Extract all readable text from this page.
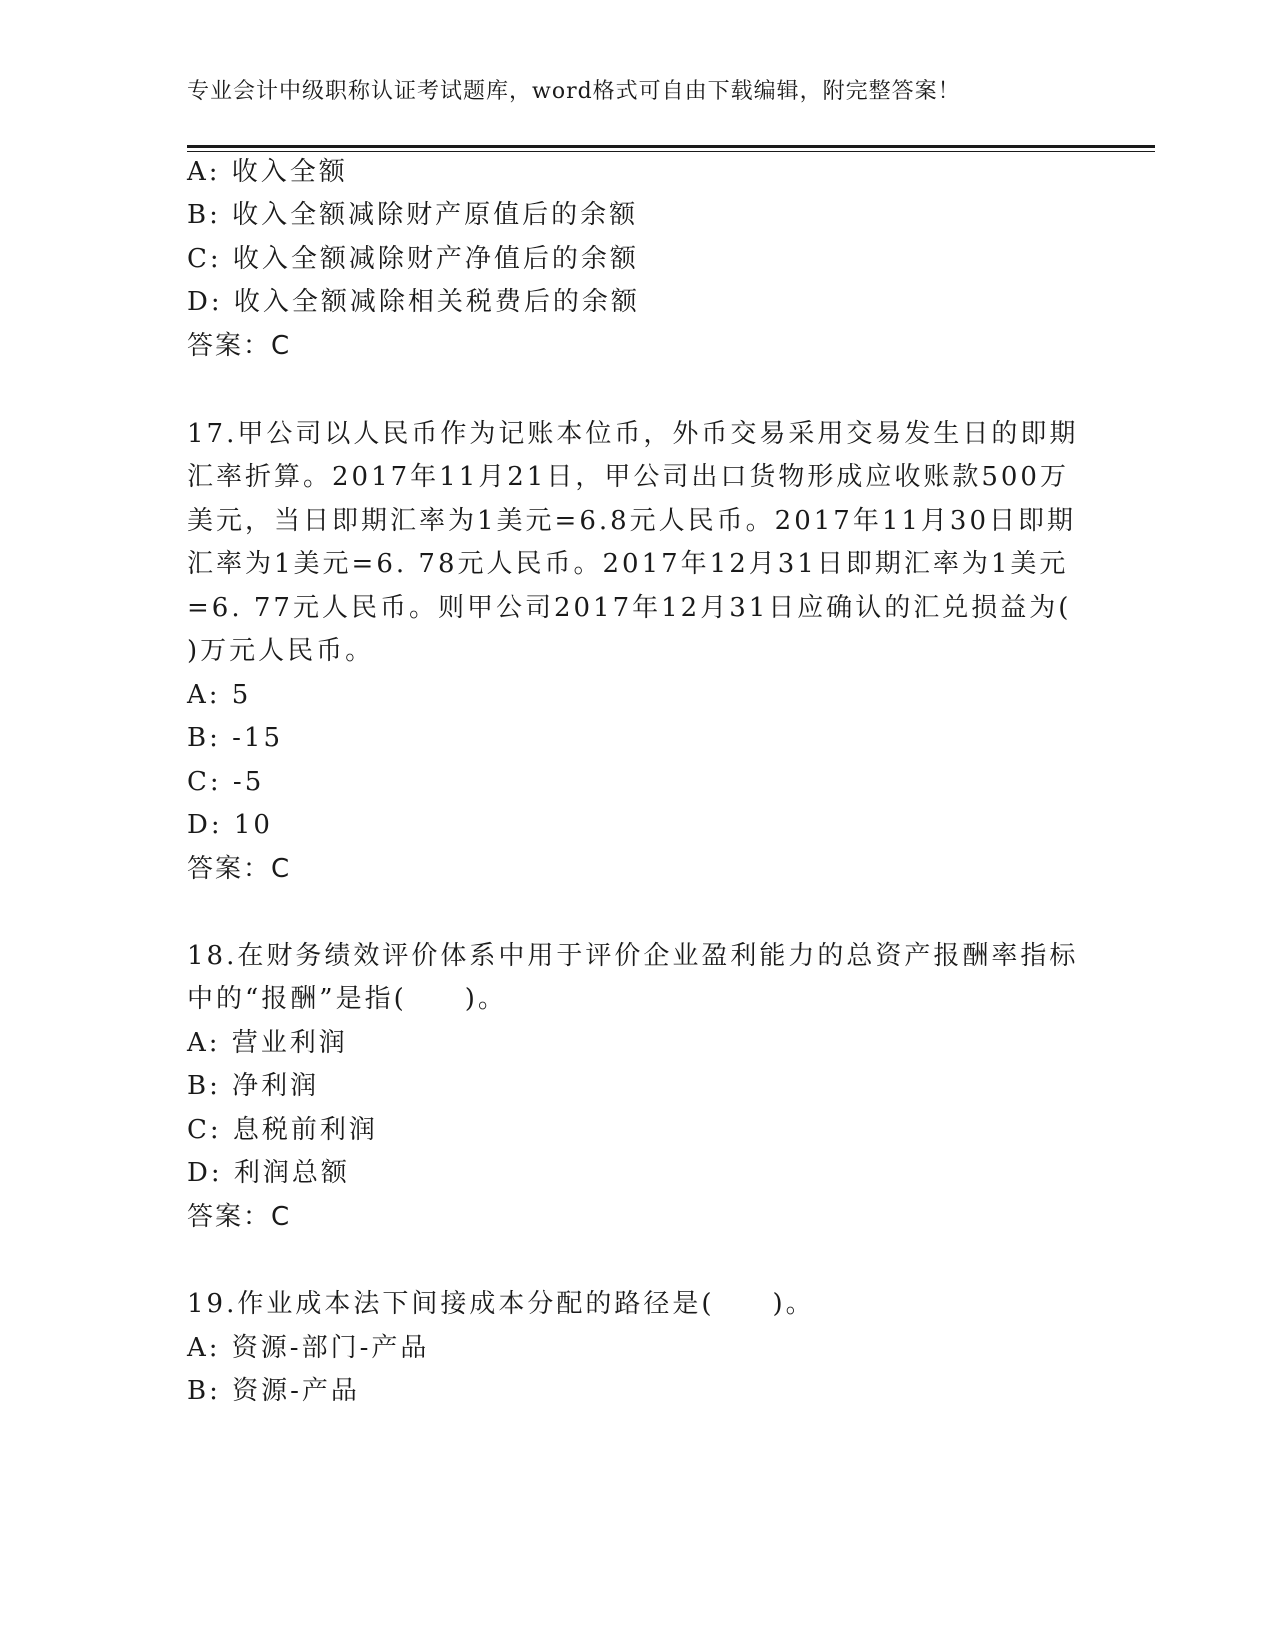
专业会计中级职称认证考试题库，word格式可自由下载编辑，附完整答案！
A: 收入全额
B: 收入全额减除财产原值后的余额
C: 收入全额减除财产净值后的余额
D: 收入全额减除相关税费后的余额
答案：C
17.甲公司以人民币作为记账本位币，外币交易采用交易发生日的即期
汇率折算。2017年11月21日，甲公司出口货物形成应收账款500万
美元，当日即期汇率为1美元=6.8元人民币。2017年11月30日即期
汇率为1美元=6. 78元人民币。2017年12月31日即期汇率为1美元
=6. 77元人民币。则甲公司2017年12月31日应确认的汇兑损益为(
)万元人民币。
A: 5
B: -15
C: -5
D: 10
答案：C
18.在财务绩效评价体系中用于评价企业盈利能力的总资产报酬率指标
中的“报酬”是指(　　)。
A: 营业利润
B: 净利润
C: 息税前利润
D: 利润总额
答案：C
19.作业成本法下间接成本分配的路径是(　　)。
A: 资源-部门-产品
B: 资源-产品
